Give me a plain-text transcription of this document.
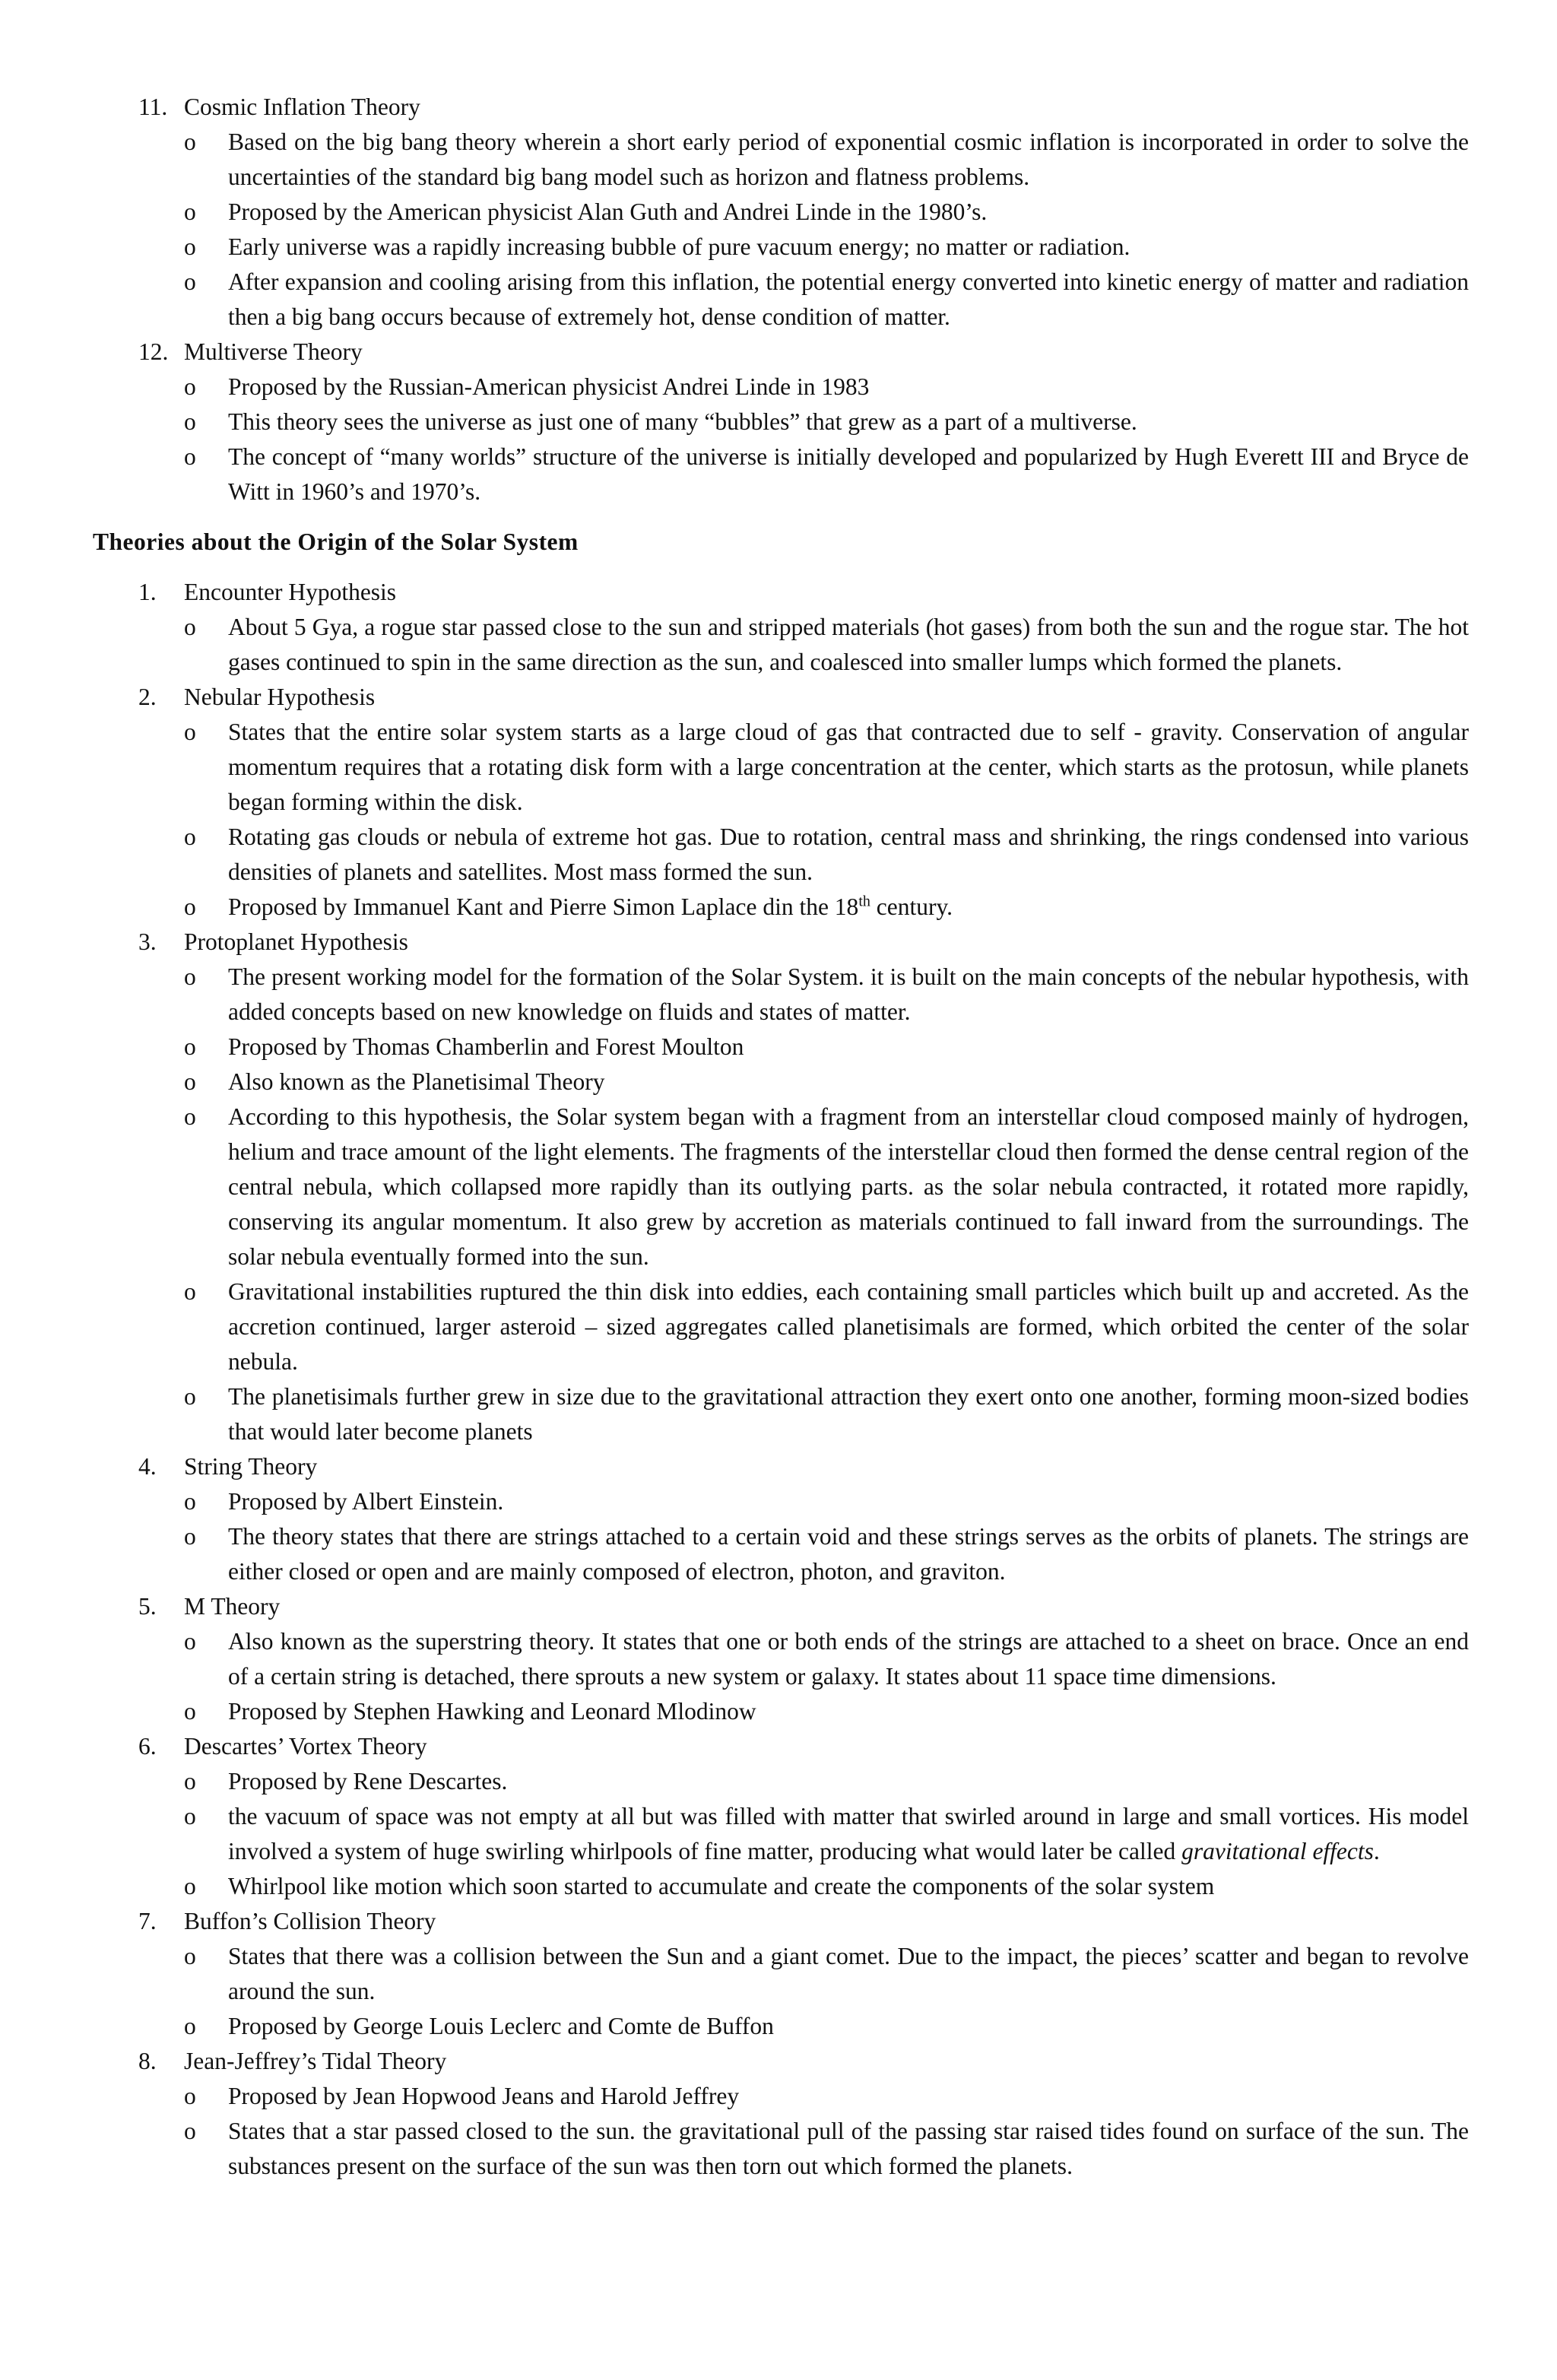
11. Cosmic Inflation Theory
o Based on the big bang theory wherein a short early period of exponential cosmic inflation is incorporated in order to solve the uncertainties of the standard big bang model such as horizon and flatness problems.
o Proposed by the American physicist Alan Guth and Andrei Linde in the 1980’s.
o Early universe was a rapidly increasing bubble of pure vacuum energy; no matter or radiation.
o After expansion and cooling arising from this inflation, the potential energy converted into kinetic energy of matter and radiation then a big bang occurs because of extremely hot, dense condition of matter.
12. Multiverse Theory
o Proposed by the Russian-American physicist Andrei Linde in 1983
o This theory sees the universe as just one of many “bubbles” that grew as a part of a multiverse.
o The concept of “many worlds” structure of the universe is initially developed and popularized by Hugh Everett III and Bryce de Witt in 1960’s and 1970’s.
Theories about the Origin of the Solar System
1. Encounter Hypothesis
o About 5 Gya, a rogue star passed close to the sun and stripped materials (hot gases) from both the sun and the rogue star. The hot gases continued to spin in the same direction as the sun, and coalesced into smaller lumps which formed the planets.
2. Nebular Hypothesis
o States that the entire solar system starts as a large cloud of gas that contracted due to self - gravity. Conservation of angular momentum requires that a rotating disk form with a large concentration at the center, which starts as the protosun, while planets began forming within the disk.
o Rotating gas clouds or nebula of extreme hot gas. Due to rotation, central mass and shrinking, the rings condensed into various densities of planets and satellites. Most mass formed the sun.
o Proposed by Immanuel Kant and Pierre Simon Laplace din the 18th century.
3. Protoplanet Hypothesis
o The present working model for the formation of the Solar System. it is built on the main concepts of the nebular hypothesis, with added concepts based on new knowledge on fluids and states of matter.
o Proposed by Thomas Chamberlin and Forest Moulton
o Also known as the Planetisimal Theory
o According to this hypothesis, the Solar system began with a fragment from an interstellar cloud composed mainly of hydrogen, helium and trace amount of the light elements. The fragments of the interstellar cloud then formed the dense central region of the central nebula, which collapsed more rapidly than its outlying parts. as the solar nebula contracted, it rotated more rapidly, conserving its angular momentum. It also grew by accretion as materials continued to fall inward from the surroundings. The solar nebula eventually formed into the sun.
o Gravitational instabilities ruptured the thin disk into eddies, each containing small particles which built up and accreted. As the accretion continued, larger asteroid – sized aggregates called planetisimals are formed, which orbited the center of the solar nebula.
o The planetisimals further grew in size due to the gravitational attraction they exert onto one another, forming moon-sized bodies that would later become planets
4. String Theory
o Proposed by Albert Einstein.
o The theory states that there are strings attached to a certain void and these strings serves as the orbits of planets. The strings are either closed or open and are mainly composed of electron, photon, and graviton.
5. M Theory
o Also known as the superstring theory. It states that one or both ends of the strings are attached to a sheet on brace. Once an end of a certain string is detached, there sprouts a new system or galaxy. It states about 11 space time dimensions.
o Proposed by Stephen Hawking and Leonard Mlodinow
6. Descartes’ Vortex Theory
o Proposed by Rene Descartes.
o the vacuum of space was not empty at all but was filled with matter that swirled around in large and small vortices. His model involved a system of huge swirling whirlpools of fine matter, producing what would later be called gravitational effects.
o Whirlpool like motion which soon started to accumulate and create the components of the solar system
7. Buffon’s Collision Theory
o States that there was a collision between the Sun and a giant comet. Due to the impact, the pieces’ scatter and began to revolve around the sun.
o Proposed by George Louis Leclerc and Comte de Buffon
8. Jean-Jeffrey’s Tidal Theory
o Proposed by Jean Hopwood Jeans and Harold Jeffrey
o States that a star passed closed to the sun. the gravitational pull of the passing star raised tides found on surface of the sun. The substances present on the surface of the sun was then torn out which formed the planets.
